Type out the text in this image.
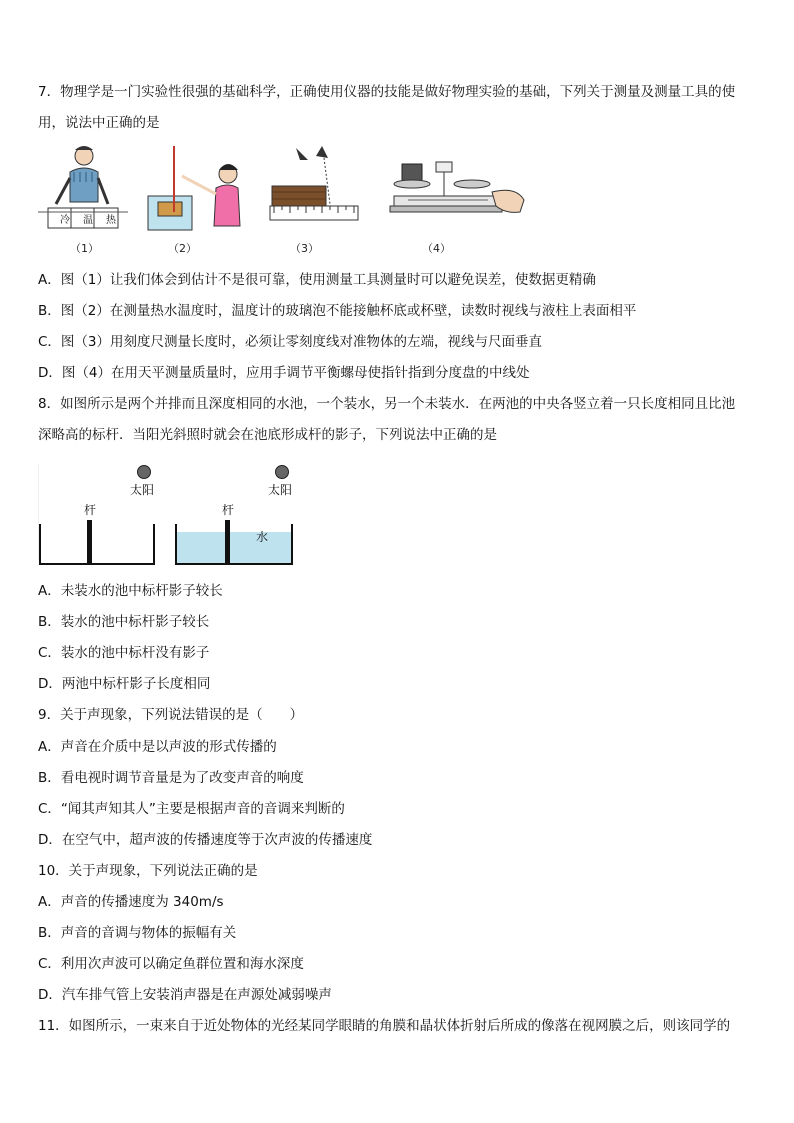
7．物理学是一门实验性很强的基础科学，正确使用仪器的技能是做好物理实验的基础，下列关于测量及测量工具的使
用，说法中正确的是
冷 温 热
（1）	（2）	（3）	（4）
A．图（1）让我们体会到估计不是很可靠，使用测量工具测量时可以避免误差，使数据更精确
B．图（2）在测量热水温度时，温度计的玻璃泡不能接触杯底或杯壁，读数时视线与液柱上表面相平
C．图（3）用刻度尺测量长度时，必须让零刻度线对准物体的左端，视线与尺面垂直
D．图（4）在用天平测量质量时，应用手调节平衡螺母使指针指到分度盘的中线处
8．如图所示是两个并排而且深度相同的水池，一个装水，另一个未装水．在两池的中央各竖立着一只长度相同且比池
深略高的标杆．当阳光斜照时就会在池底形成杆的影子，下列说法中正确的是
太阳	太阳
杆	杆
水
A．未装水的池中标杆影子较长
B．装水的池中标杆影子较长
C．装水的池中标杆没有影子
D．两池中标杆影子长度相同
9．关于声现象，下列说法错误的是（　　）
A．声音在介质中是以声波的形式传播的
B．看电视时调节音量是为了改变声音的响度
C．“闻其声知其人”主要是根据声音的音调来判断的
D．在空气中，超声波的传播速度等于次声波的传播速度
10．关于声现象，下列说法正确的是
A．声音的传播速度为 340m/s
B．声音的音调与物体的振幅有关
C．利用次声波可以确定鱼群位置和海水深度
D．汽车排气管上安装消声器是在声源处减弱噪声
11．如图所示，一束来自于近处物体的光经某同学眼睛的角膜和晶状体折射后所成的像落在视网膜之后，则该同学的
